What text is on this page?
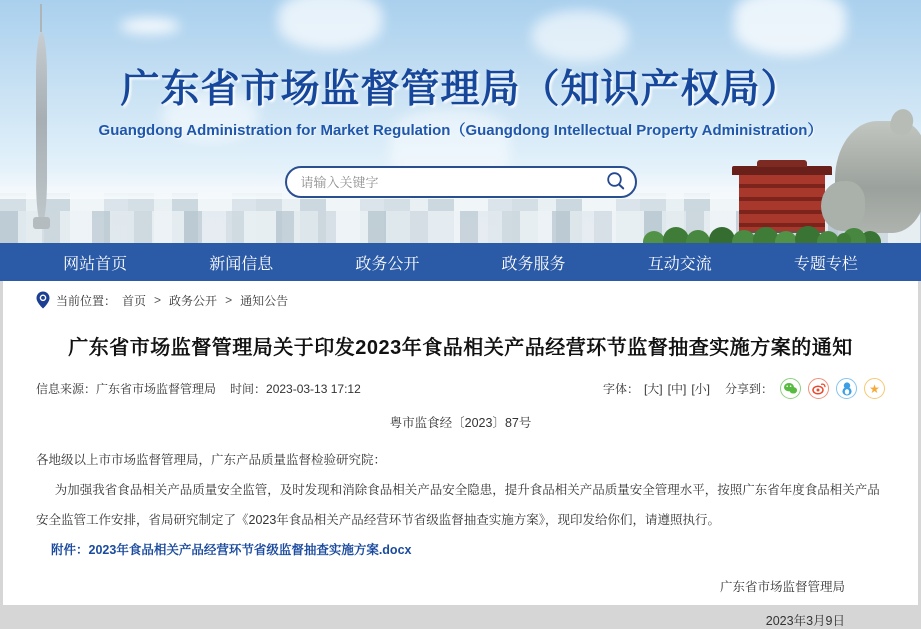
广东省市场监督管理局（知识产权局）
Guangdong Administration for Market Regulation（Guangdong Intellectual Property Administration）
请输入关键字
网站首页	新闻信息	政务公开	政务服务	互动交流	专题专栏
当前位置： 首页 > 政务公开 > 通知公告
广东省市场监督管理局关于印发2023年食品相关产品经营环节监督抽查实施方案的通知
信息来源：广东省市场监督管理局 时间：2023-03-13 17:12	字体： [大] [中] [小] 分享到：	★
粤市监食经〔2023〕87号
各地级以上市市场监督管理局，广东产品质量监督检验研究院：
为加强我省食品相关产品质量安全监管，及时发现和消除食品相关产品安全隐患，提升食品相关产品质量安全管理水平，按照广东省年度食品相关产品安全监管工作安排，省局研究制定了《2023年食品相关产品经营环节省级监督抽查实施方案》，现印发给你们，请遵照执行。
附件：2023年食品相关产品经营环节省级监督抽查实施方案.docx
广东省市场监督管理局
2023年3月9日
